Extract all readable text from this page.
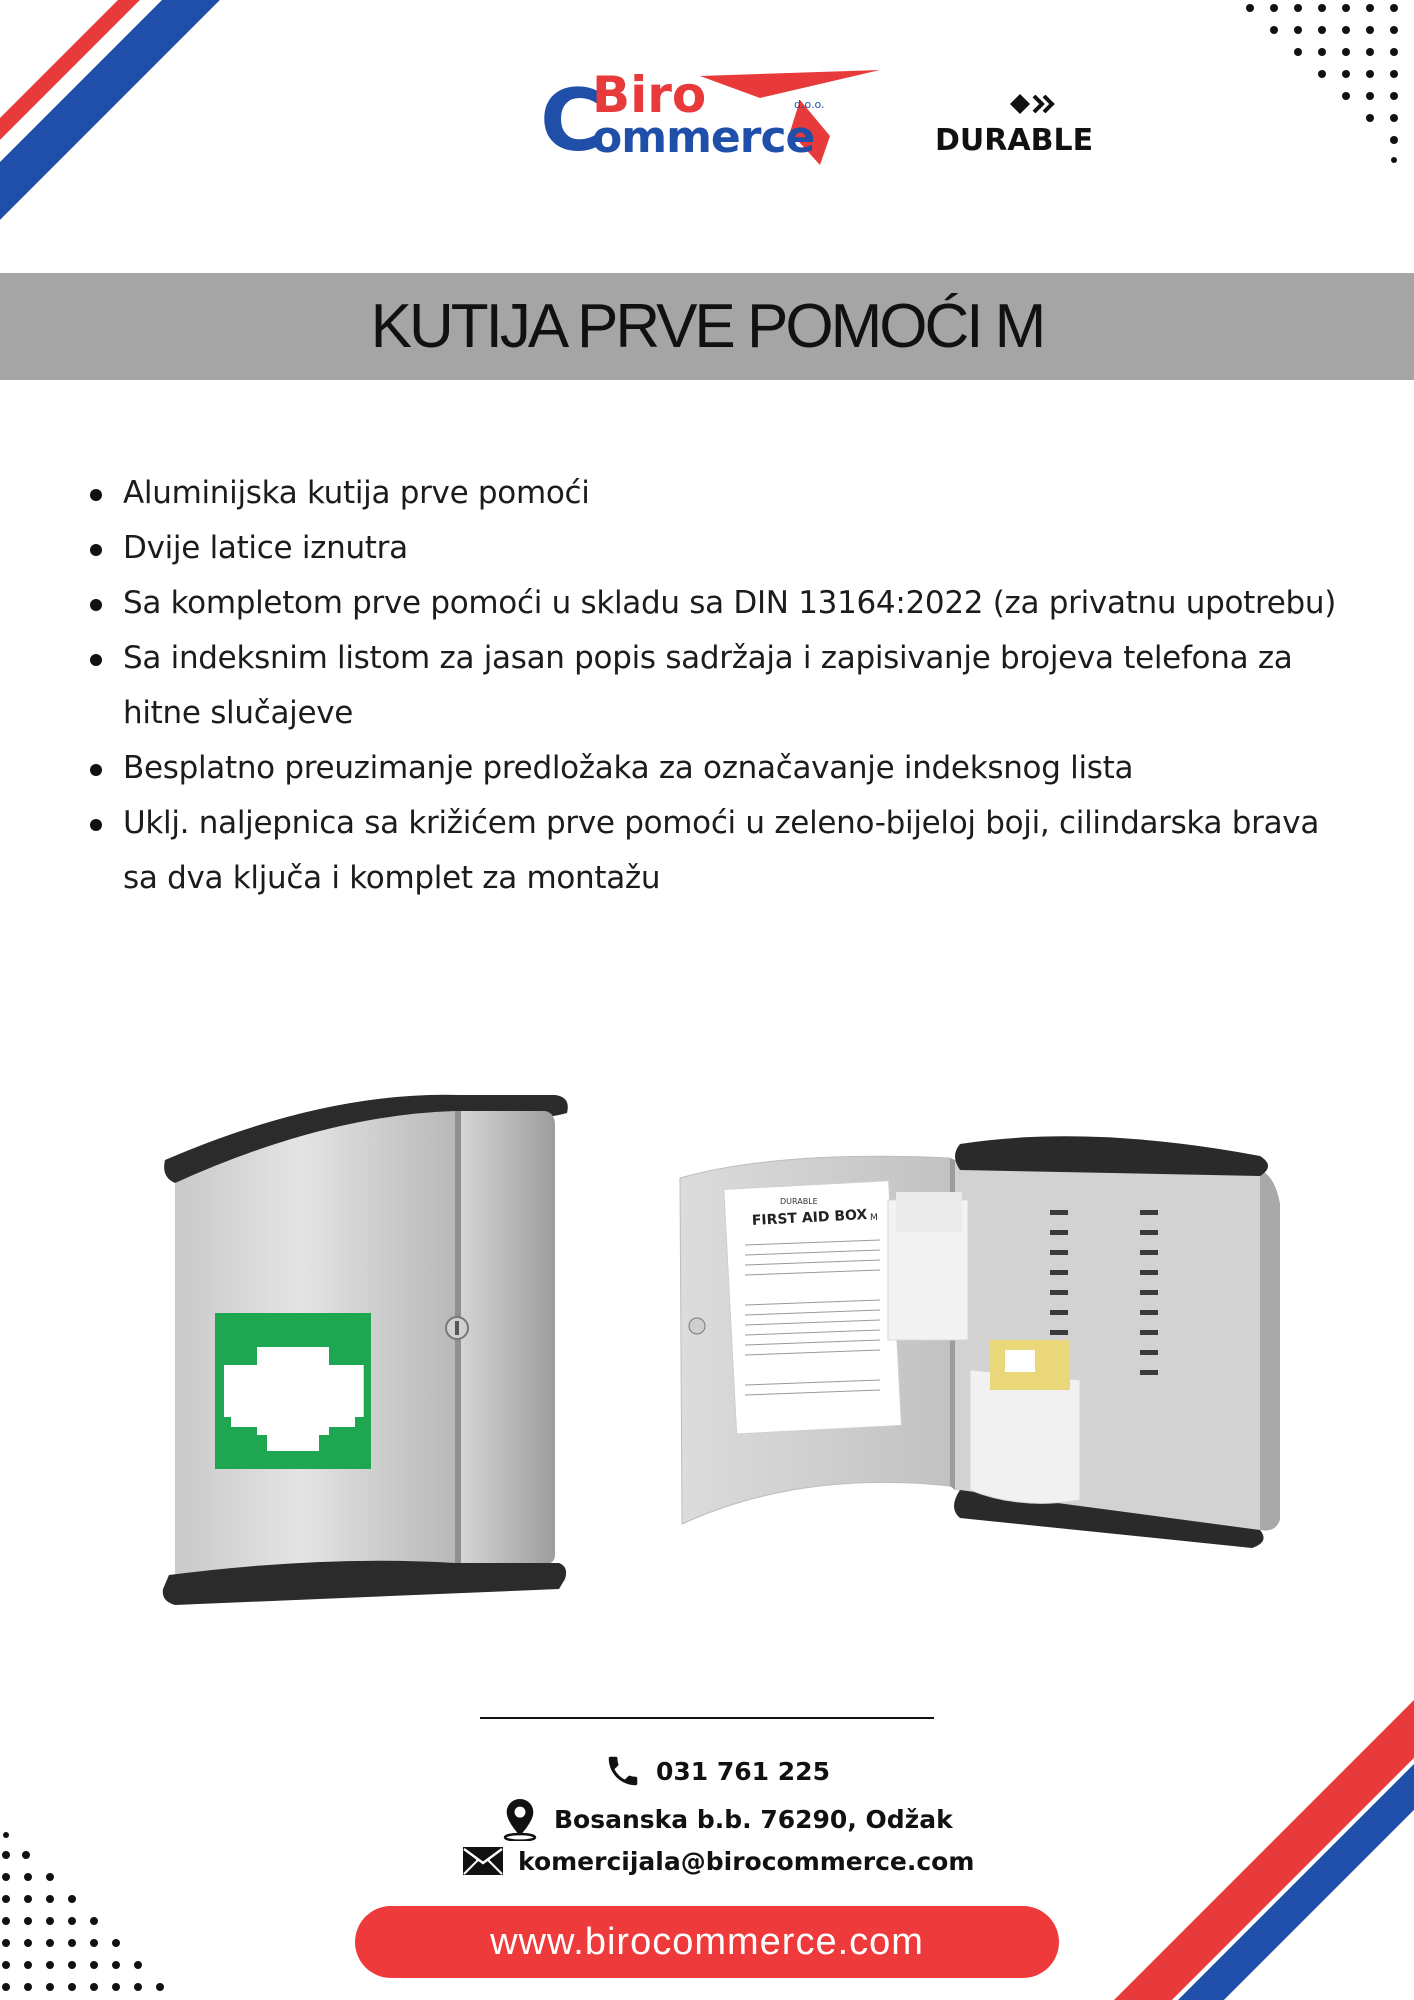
C
Biro
ommerce
d.o.o.
DURABLE
KUTIJA PRVE POMOĆI M
Aluminijska kutija prve pomoći
Dvije latice iznutra
Sa kompletom prve pomoći u skladu sa DIN 13164:2022 (za privatnu upotrebu)
Sa indeksnim listom za jasan popis sadržaja i zapisivanje brojeva telefona za hitne slučajeve
Besplatno preuzimanje predložaka za označavanje indeksnog lista
Uklj. naljepnica sa križićem prve pomoći u zeleno-bijeloj boji, cilindarska brava sa dva ključa i komplet za montažu
DURABLE
FIRST AID BOX M
031 761 225
Bosanska b.b. 76290, Odžak
komercijala@birocommerce.com
www.birocommerce.com
